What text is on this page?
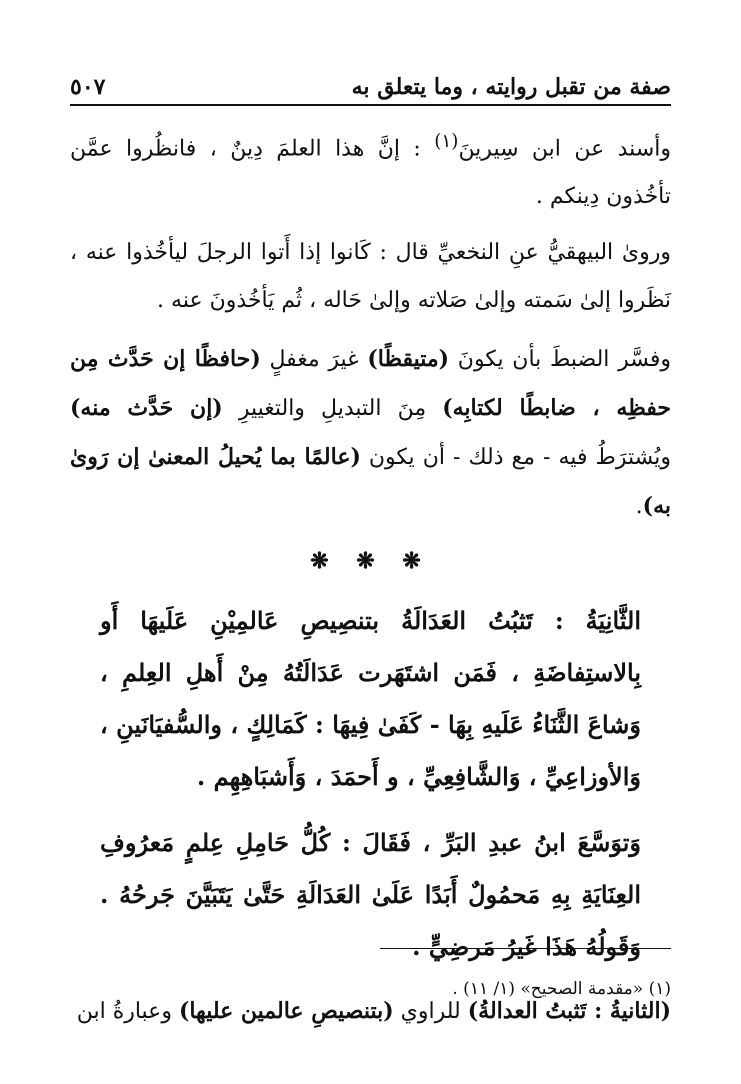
صفة من تقبل روايته ، وما يتعلق به
٥٠٧

وأسند عن ابن سِيرينَ$^{(١)}$ : إنَّ هذا العلمَ دِينٌ ، فانظُروا عمَّن تأخُذون دِينكم .

ورویٰ البيهقيُّ عنِ النخعيِّ قال : كَانوا إذا أَتوا الرجلَ ليأخُذوا عنه ، نَظَروا إلیٰ سَمته وإلیٰ صَلاته وإلیٰ حَاله ، ثُم يَأخُذونَ عنه .

وفسَّر الضبطَ بأن يكونَ (متيقظًا) غيرَ مغفلٍ (حافظًا إن حَدَّث مِن حفظِه ، ضابطًا لكتابِه) مِنَ التبديلِ والتغييرِ (إن حَدَّث منه) ويُشترَطُ فيه - مع ذلك - أن يكون (عالمًا بما يُحيلُ المعنیٰ إن رَویٰ به).

❋ ❋ ❋

الثَّانِيَةُ : تَثبُتُ العَدَالَةُ بتنصِيصِ عَالمِيْنِ عَلَيهَا أَو بِالاستِفاضَةِ ، فَمَن اشتَهَرت عَدَالَتُهُ مِنْ أَهلِ العِلمِ ، وَشاعَ الثَّنَاءُ عَلَيهِ بِهَا - كَفَیٰ فِيهَا : كَمَالِكٍ ، والسُّفيَانَينِ ، وَالأوزاعِيِّ ، وَالشَّافِعِيِّ ، و أَحمَدَ ، وَأَشبَاهِهِم .

وَتوَسَّعَ ابنُ عبدِ البَرِّ ، فَقَالَ : كُلُّ حَامِلِ عِلمٍ مَعرُوفِ العِنَايَةِ بِهِ مَحمُولٌ أَبَدًا عَلَیٰ العَدَالَةِ حَتَّیٰ يَتَبَيَّنَ جَرحُهُ . وَقَولُهُ هَذَا غَيرُ مَرضِيٍّ .

(الثانيةُ : تَثبتُ العدالةُ) للراوي (بتنصيصِ عالمين عليها) وعبارةُ ابن

(١) «مقدمة الصحيح» (١/ ١١) .
